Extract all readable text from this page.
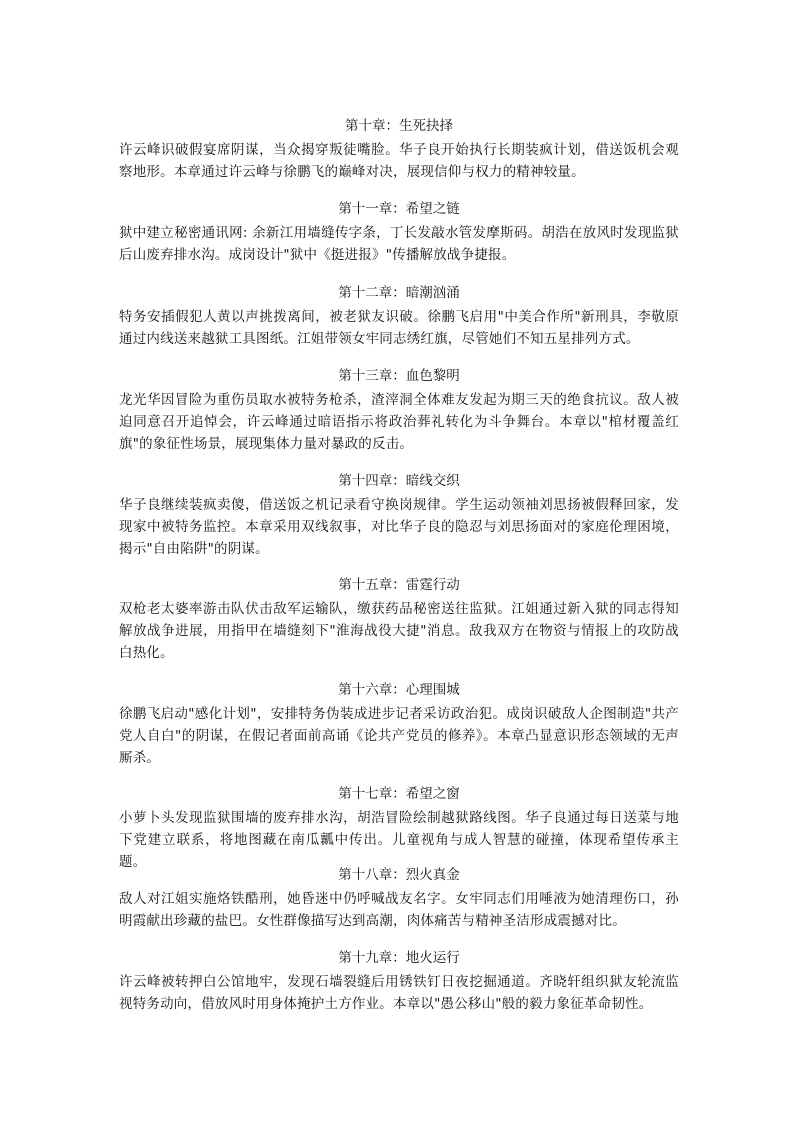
第十章：生死抉择

许云峰识破假宴席阴谋，当众揭穿叛徒嘴脸。华子良开始执行长期装疯计划，借送饭机会观察地形。本章通过许云峰与徐鹏飞的巅峰对决，展现信仰与权力的精神较量。

第十一章：希望之链

狱中建立秘密通讯网: 余新江用墙缝传字条，丁长发敲水管发摩斯码。胡浩在放风时发现监狱后山废弃排水沟。成岗设计"狱中《挺进报》"传播解放战争捷报。

第十二章：暗潮汹涌

特务安插假犯人黄以声挑拨离间，被老狱友识破。徐鹏飞启用"中美合作所"新刑具，李敬原通过内线送来越狱工具图纸。江姐带领女牢同志绣红旗，尽管她们不知五星排列方式。

第十三章：血色黎明

龙光华因冒险为重伤员取水被特务枪杀，渣滓洞全体难友发起为期三天的绝食抗议。敌人被迫同意召开追悼会，许云峰通过暗语指示将政治葬礼转化为斗争舞台。本章以"棺材覆盖红旗"的象征性场景，展现集体力量对暴政的反击。

第十四章：暗线交织

华子良继续装疯卖傻，借送饭之机记录看守换岗规律。学生运动领袖刘思扬被假释回家，发现家中被特务监控。本章采用双线叙事，对比华子良的隐忍与刘思扬面对的家庭伦理困境，揭示"自由陷阱"的阴谋。

第十五章：雷霆行动

双枪老太婆率游击队伏击敌军运输队，缴获药品秘密送往监狱。江姐通过新入狱的同志得知解放战争进展，用指甲在墙缝刻下"淮海战役大捷"消息。敌我双方在物资与情报上的攻防战白热化。

第十六章：心理围城

徐鹏飞启动"感化计划"，安排特务伪装成进步记者采访政治犯。成岗识破敌人企图制造"共产党人自白"的阴谋，在假记者面前高诵《论共产党员的修养》。本章凸显意识形态领域的无声厮杀。

第十七章：希望之窗

小萝卜头发现监狱围墙的废弃排水沟，胡浩冒险绘制越狱路线图。华子良通过每日送菜与地下党建立联系，将地图藏在南瓜瓤中传出。儿童视角与成人智慧的碰撞，体现希望传承主题。

第十八章：烈火真金

敌人对江姐实施烙铁酷刑，她昏迷中仍呼喊战友名字。女牢同志们用唾液为她清理伤口，孙明霞献出珍藏的盐巴。女性群像描写达到高潮，肉体痛苦与精神圣洁形成震撼对比。

第十九章：地火运行

许云峰被转押白公馆地牢，发现石墙裂缝后用锈铁钉日夜挖掘通道。齐晓轩组织狱友轮流监视特务动向，借放风时用身体掩护土方作业。本章以"愚公移山"般的毅力象征革命韧性。
